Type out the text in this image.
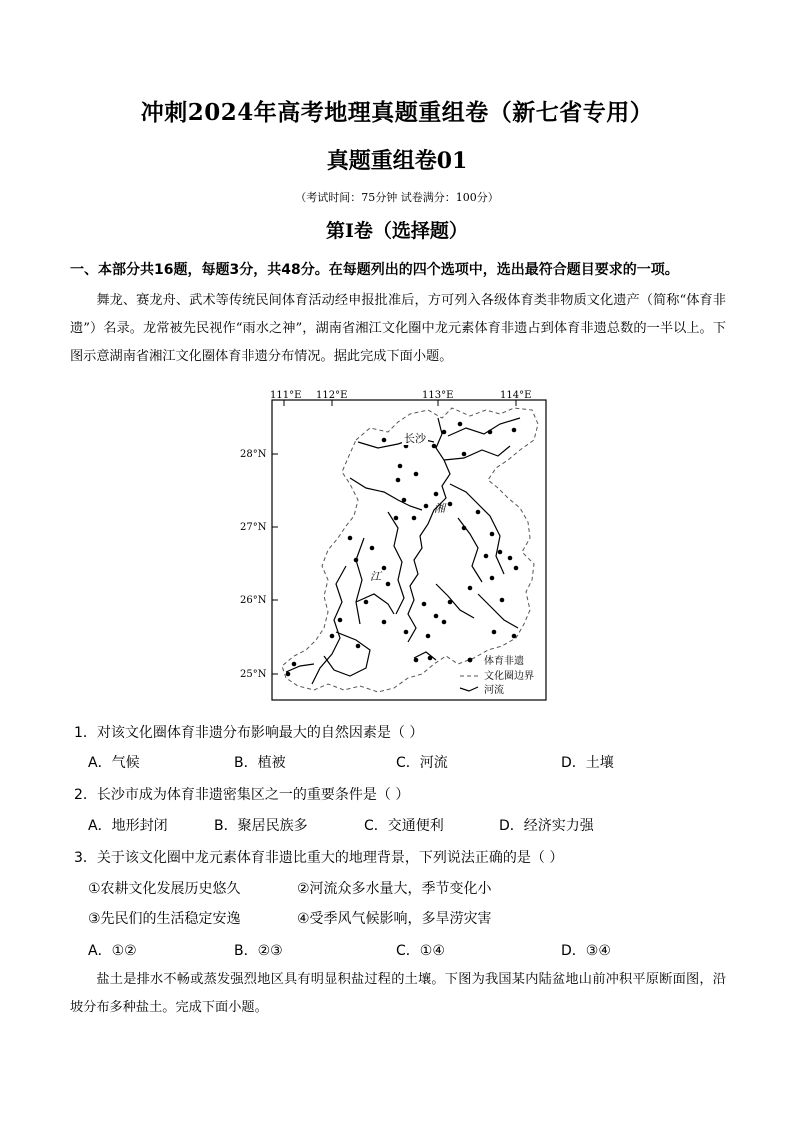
冲刺2024年高考地理真题重组卷（新七省专用）
真题重组卷01
（考试时间：75分钟 试卷满分：100分）
第I卷（选择题）
一、本部分共16题，每题3分，共48分。在每题列出的四个选项中，选出最符合题目要求的一项。
舞龙、赛龙舟、武术等传统民间体育活动经申报批准后，方可列入各级体育类非物质文化遗产（简称“体育非遗”）名录。龙常被先民视作“雨水之神”，湖南省湘江文化圈中龙元素体育非遗占到体育非遗总数的一半以上。下图示意湖南省湘江文化圈体育非遗分布情况。据此完成下面小题。
111°E 112°E	113°E	114°E
28°N
27°N
26°N
25°N
长沙
湘
江
体育非遗
文化圈边界
河流
1．对该文化圈体育非遗分布影响最大的自然因素是（ ）
A．气候	B．植被	C．河流	D．土壤
2．长沙市成为体育非遗密集区之一的重要条件是（ ）
A．地形封闭	B．聚居民族多	C．交通便利	D．经济实力强
3．关于该文化圈中龙元素体育非遗比重大的地理背景，下列说法正确的是（ ）
①农耕文化发展历史悠久	②河流众多水量大，季节变化小
③先民们的生活稳定安逸	④受季风气候影响，多旱涝灾害
A．①②	B．②③	C．①④	D．③④
盐土是排水不畅或蒸发强烈地区具有明显积盐过程的土壤。下图为我国某内陆盆地山前冲积平原断面图，沿坡分布多种盐土。完成下面小题。
